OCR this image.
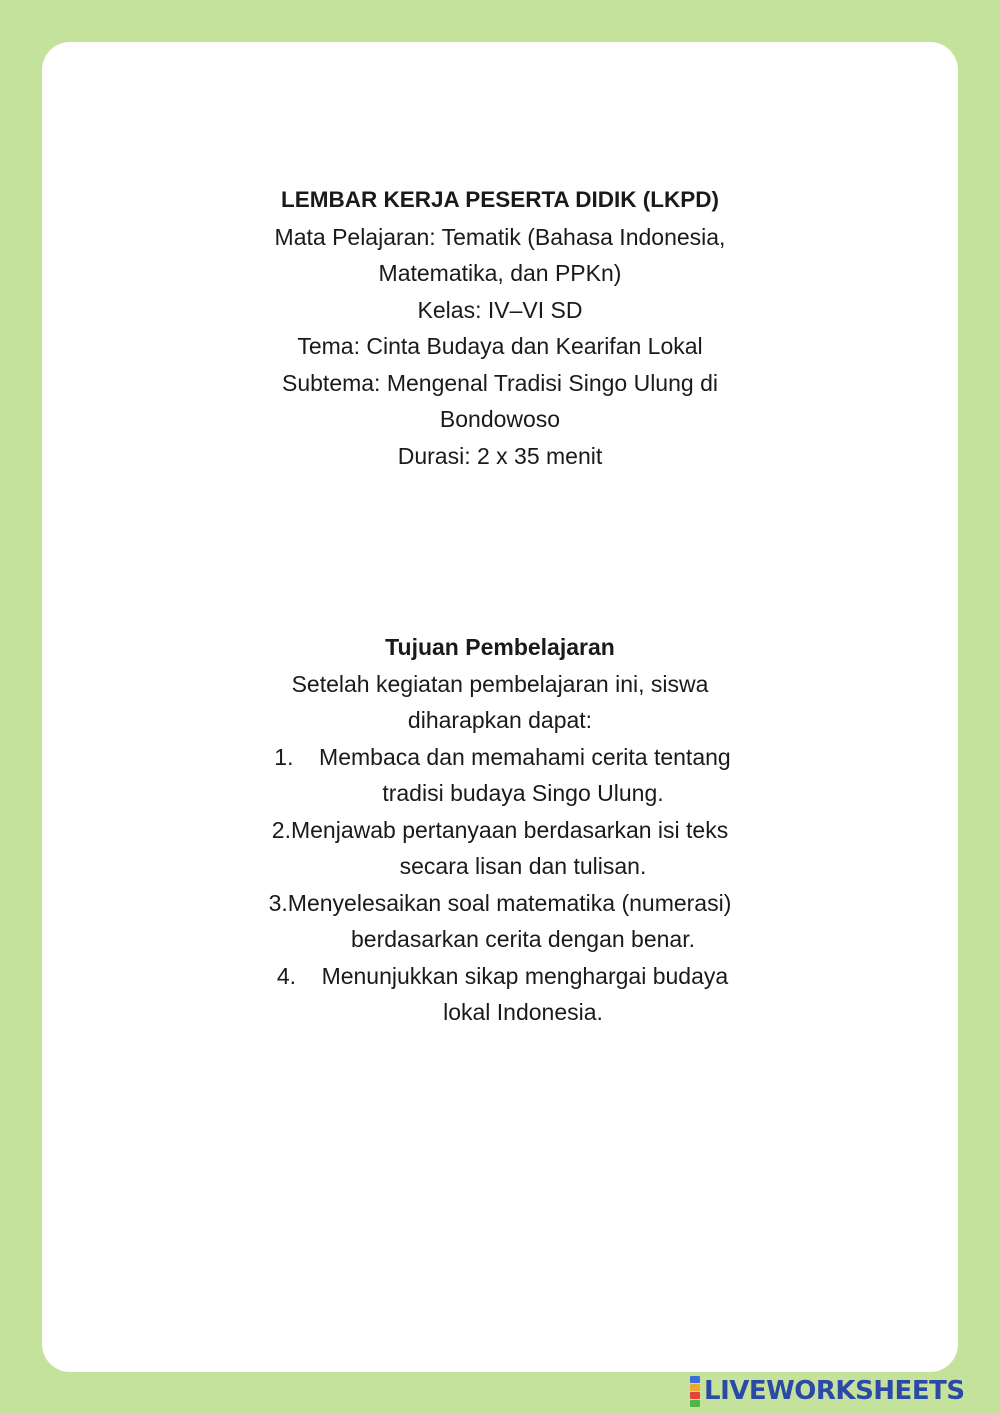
LEMBAR KERJA PESERTA DIDIK (LKPD)
Mata Pelajaran: Tematik (Bahasa Indonesia,
Matematika, dan PPKn)
Kelas: IV–VI SD
Tema: Cinta Budaya dan Kearifan Lokal
Subtema: Mengenal Tradisi Singo Ulung di
Bondowoso
Durasi: 2 x 35 menit
Tujuan Pembelajaran
Setelah kegiatan pembelajaran ini, siswa
diharapkan dapat:
1. Membaca dan memahami cerita tentang
tradisi budaya Singo Ulung.
2.Menjawab pertanyaan berdasarkan isi teks
secara lisan dan tulisan.
3.Menyelesaikan soal matematika (numerasi)
berdasarkan cerita dengan benar.
4. Menunjukkan sikap menghargai budaya
lokal Indonesia.
LIVEWORKSHEETS
